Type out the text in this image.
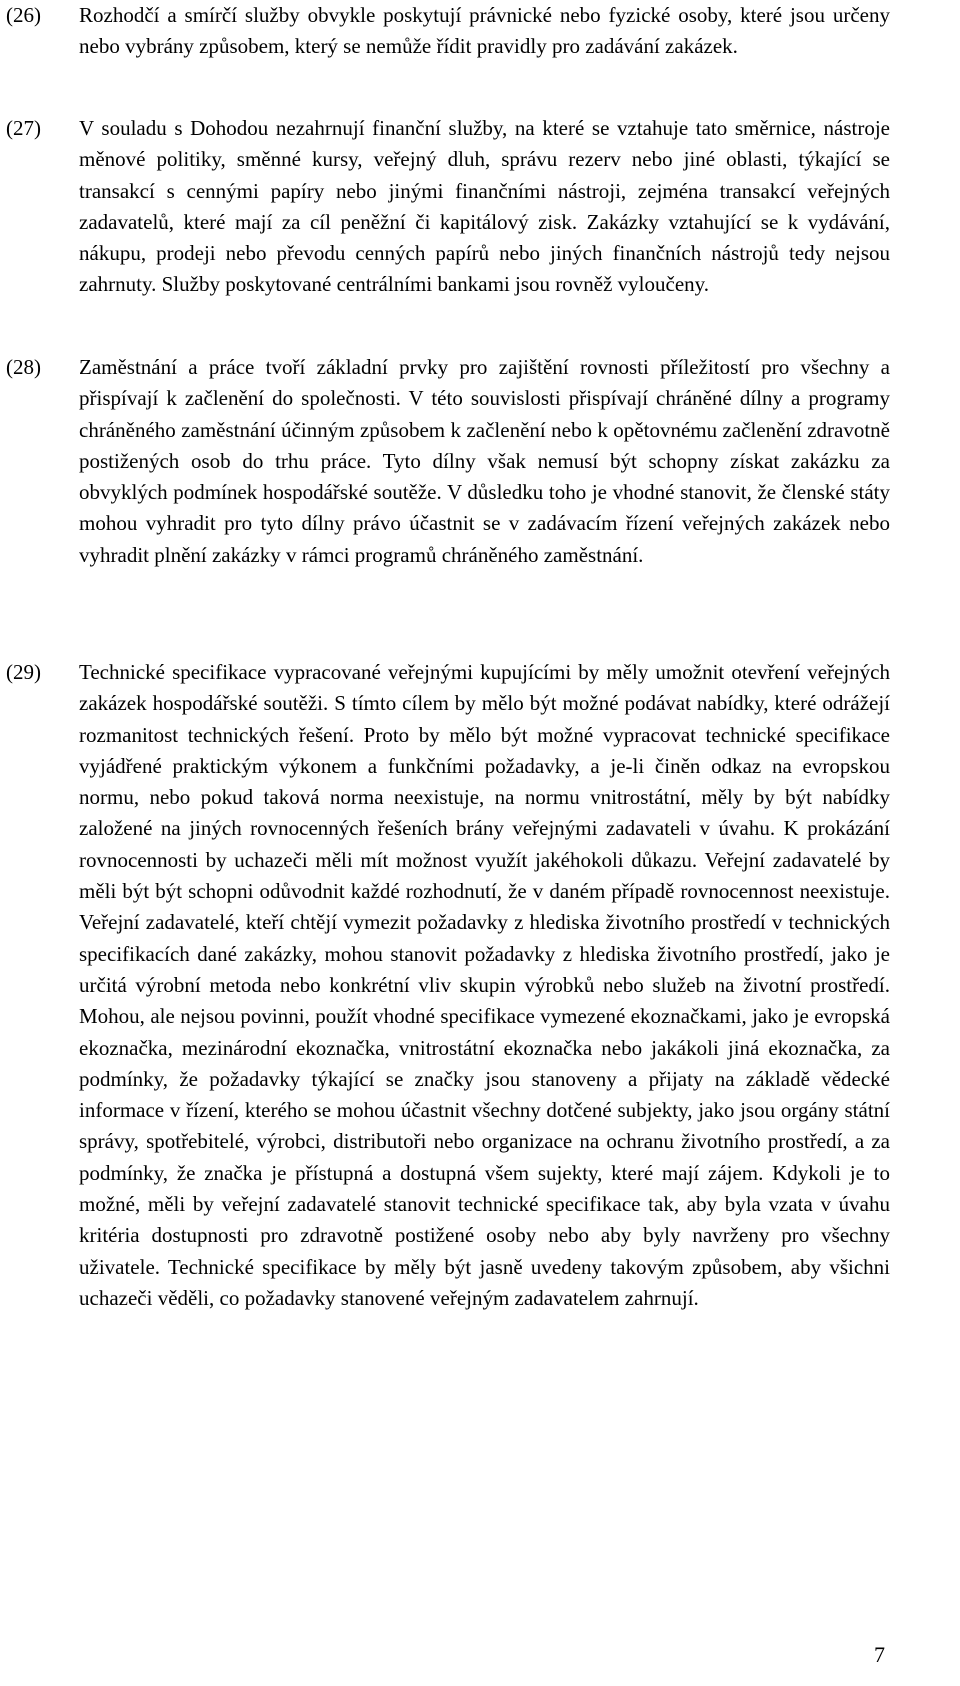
(26) Rozhodčí a smírčí služby obvykle poskytují právnické nebo fyzické osoby, které jsou určeny nebo vybrány způsobem, který se nemůže řídit pravidly pro zadávání zakázek.

(27) V souladu s Dohodou nezahrnují finanční služby, na které se vztahuje tato směrnice, nástroje měnové politiky, směnné kursy, veřejný dluh, správu rezerv nebo jiné oblasti, týkající se transakcí s cennými papíry nebo jinými finančními nástroji, zejména transakcí veřejných zadavatelů, které mají za cíl peněžní či kapitálový zisk. Zakázky vztahující se k vydávání, nákupu, prodeji nebo převodu cenných papírů nebo jiných finančních nástrojů tedy nejsou zahrnuty. Služby poskytované centrálními bankami jsou rovněž vyloučeny.

(28) Zaměstnání a práce tvoří základní prvky pro zajištění rovnosti příležitostí pro všechny a přispívají k začlenění do společnosti. V této souvislosti přispívají chráněné dílny a programy chráněného zaměstnání účinným způsobem k začlenění nebo k opětovnému začlenění zdravotně postižených osob do trhu práce. Tyto dílny však nemusí být schopny získat zakázku za obvyklých podmínek hospodářské soutěže. V důsledku toho je vhodné stanovit, že členské státy mohou vyhradit pro tyto dílny právo účastnit se v zadávacím řízení veřejných zakázek nebo vyhradit plnění zakázky v rámci programů chráněného zaměstnání.

(29) Technické specifikace vypracované veřejnými kupujícími by měly umožnit otevření veřejných zakázek hospodářské soutěži. S tímto cílem by mělo být možné podávat nabídky, které odrážejí rozmanitost technických řešení. Proto by mělo být možné vypracovat technické specifikace vyjádřené praktickým výkonem a funkčními požadavky, a je-li činěn odkaz na evropskou normu, nebo pokud taková norma neexistuje, na normu vnitrostátní, měly by být nabídky založené na jiných rovnocenných řešeních brány veřejnými zadavateli v úvahu. K prokázání rovnocennosti by uchazeči měli mít možnost využít jakéhokoli důkazu. Veřejní zadavatelé by měli být být schopni odůvodnit každé rozhodnutí, že v daném případě rovnocennost neexistuje. Veřejní zadavatelé, kteří chtějí vymezit požadavky z hlediska životního prostředí v technických specifikacích dané zakázky, mohou stanovit požadavky z hlediska životního prostředí, jako je určitá výrobní metoda nebo konkrétní vliv skupin výrobků nebo služeb na životní prostředí. Mohou, ale nejsou povinni, použít vhodné specifikace vymezené ekoznačkami, jako je evropská ekoznačka, mezinárodní ekoznačka, vnitrostátní ekoznačka nebo jakákoli jiná ekoznačka, za podmínky, že požadavky týkající se značky jsou stanoveny a přijaty na základě vědecké informace v řízení, kterého se mohou účastnit všechny dotčené subjekty, jako jsou orgány státní správy, spotřebitelé, výrobci, distributoři nebo organizace na ochranu životního prostředí, a za podmínky, že značka je přístupná a dostupná všem sujekty, které mají zájem. Kdykoli je to možné, měli by veřejní zadavatelé stanovit technické specifikace tak, aby byla vzata v úvahu kritéria dostupnosti pro zdravotně postižené osoby nebo aby byly navrženy pro všechny uživatele. Technické specifikace by měly být jasně uvedeny takovým způsobem, aby všichni uchazeči věděli, co požadavky stanovené veřejným zadavatelem zahrnují.

7
